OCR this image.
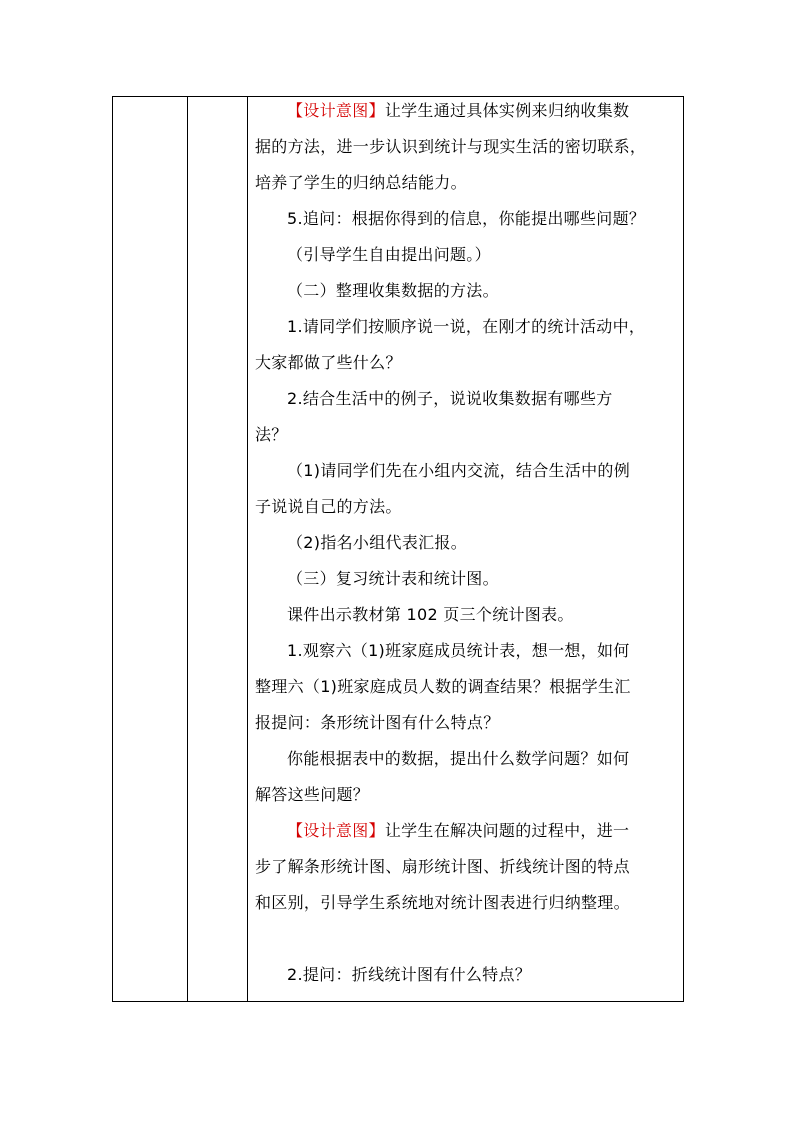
【设计意图】让学生通过具体实例来归纳收集数
据的方法，进一步认识到统计与现实生活的密切联系，
培养了学生的归纳总结能力。
5.追问：根据你得到的信息，你能提出哪些问题？
（引导学生自由提出问题。）
（二）整理收集数据的方法。
1.请同学们按顺序说一说，在刚才的统计活动中，
大家都做了些什么？
2.结合生活中的例子，说说收集数据有哪些方
法？
（1)请同学们先在小组内交流，结合生活中的例
子说说自己的方法。
（2)指名小组代表汇报。
（三）复习统计表和统计图。
课件出示教材第 102 页三个统计图表。
1.观察六（1)班家庭成员统计表，想一想，如何
整理六（1)班家庭成员人数的调查结果？根据学生汇
报提问：条形统计图有什么特点？
你能根据表中的数据，提出什么数学问题？如何
解答这些问题？
【设计意图】让学生在解决问题的过程中，进一
步了解条形统计图、扇形统计图、折线统计图的特点
和区别，引导学生系统地对统计图表进行归纳整理。
2.提问：折线统计图有什么特点？
